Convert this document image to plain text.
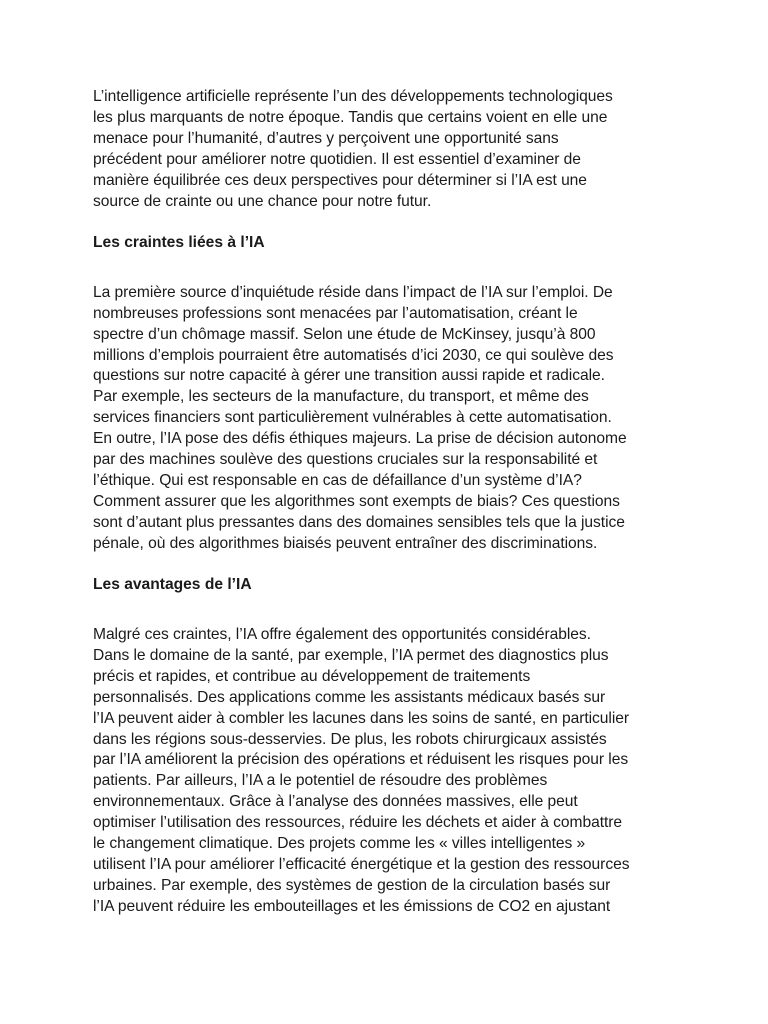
L’intelligence artificielle représente l’un des développements technologiques
les plus marquants de notre époque. Tandis que certains voient en elle une
menace pour l’humanité, d’autres y perçoivent une opportunité sans
précédent pour améliorer notre quotidien. Il est essentiel d’examiner de
manière équilibrée ces deux perspectives pour déterminer si l’IA est une
source de crainte ou une chance pour notre futur.

Les craintes liées à l’IA

La première source d’inquiétude réside dans l’impact de l’IA sur l’emploi. De
nombreuses professions sont menacées par l’automatisation, créant le
spectre d’un chômage massif. Selon une étude de McKinsey, jusqu’à 800
millions d’emplois pourraient être automatisés d’ici 2030, ce qui soulève des
questions sur notre capacité à gérer une transition aussi rapide et radicale.
Par exemple, les secteurs de la manufacture, du transport, et même des
services financiers sont particulièrement vulnérables à cette automatisation.
En outre, l’IA pose des défis éthiques majeurs. La prise de décision autonome
par des machines soulève des questions cruciales sur la responsabilité et
l’éthique. Qui est responsable en cas de défaillance d’un système d’IA?
Comment assurer que les algorithmes sont exempts de biais? Ces questions
sont d’autant plus pressantes dans des domaines sensibles tels que la justice
pénale, où des algorithmes biaisés peuvent entraîner des discriminations.

Les avantages de l’IA

Malgré ces craintes, l’IA offre également des opportunités considérables.
Dans le domaine de la santé, par exemple, l’IA permet des diagnostics plus
précis et rapides, et contribue au développement de traitements
personnalisés. Des applications comme les assistants médicaux basés sur
l’IA peuvent aider à combler les lacunes dans les soins de santé, en particulier
dans les régions sous-desservies. De plus, les robots chirurgicaux assistés
par l’IA améliorent la précision des opérations et réduisent les risques pour les
patients. Par ailleurs, l’IA a le potentiel de résoudre des problèmes
environnementaux. Grâce à l’analyse des données massives, elle peut
optimiser l’utilisation des ressources, réduire les déchets et aider à combattre
le changement climatique. Des projets comme les « villes intelligentes »
utilisent l’IA pour améliorer l’efficacité énergétique et la gestion des ressources
urbaines. Par exemple, des systèmes de gestion de la circulation basés sur
l’IA peuvent réduire les embouteillages et les émissions de CO2 en ajustant
